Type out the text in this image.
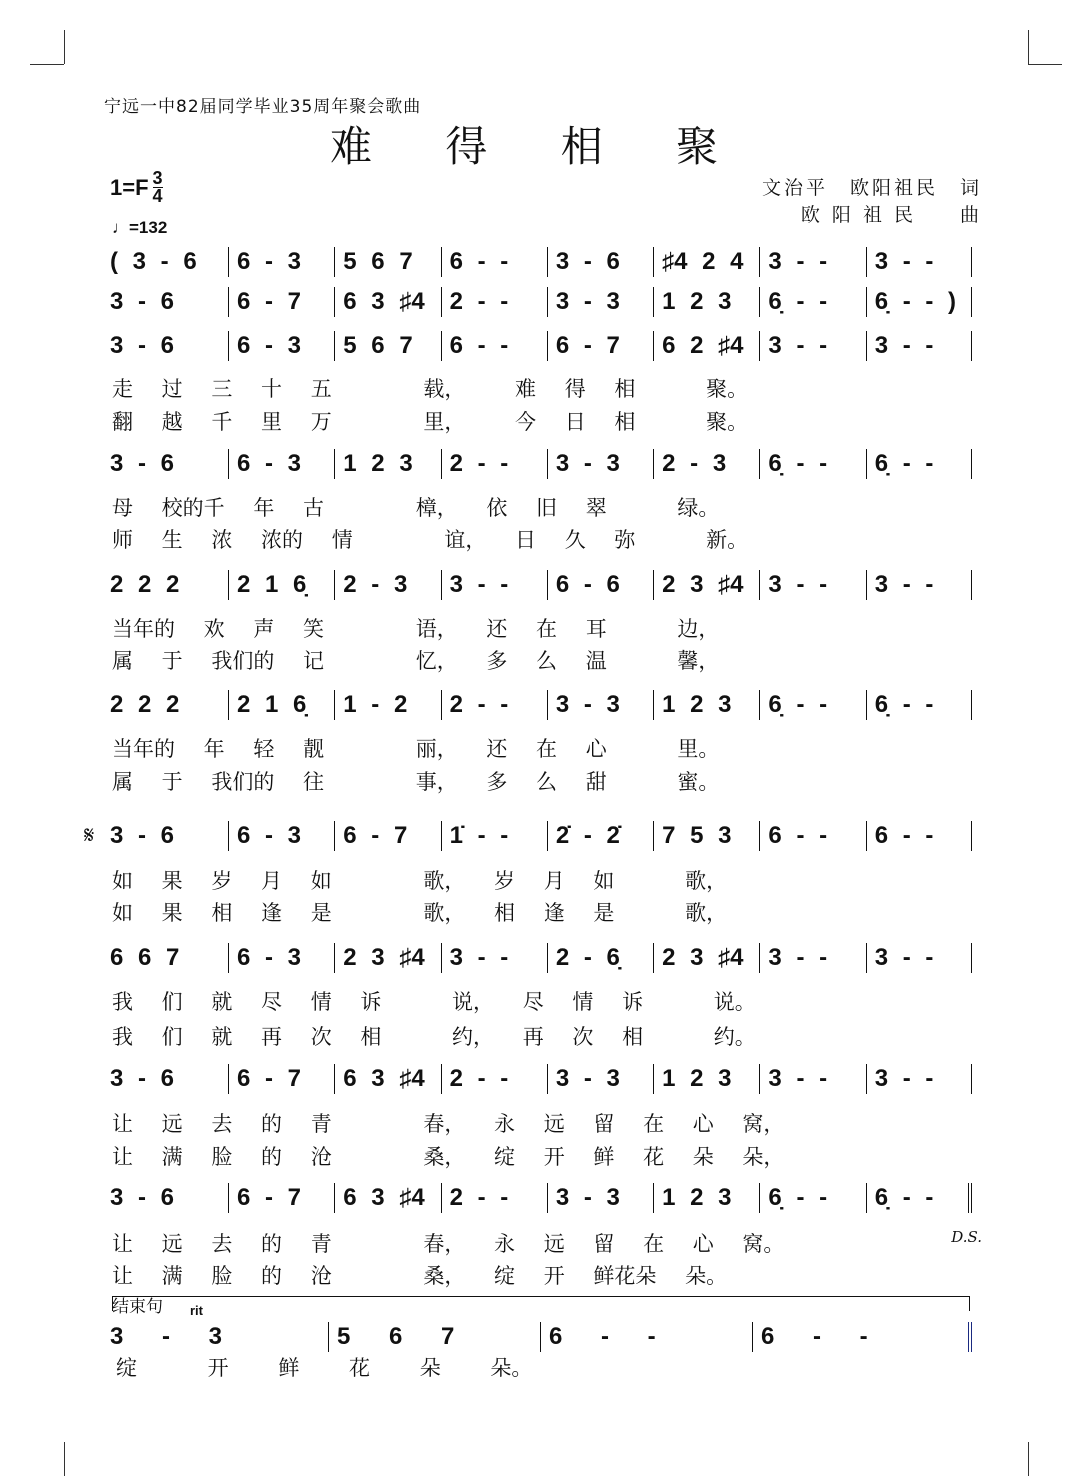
宁远一中82届同学毕业35周年聚会歌曲
难 得 相 聚
$1=F \frac{3}{4}$
♩=132
文治平　欧阳祖民　词
欧 阳 祖 民　　曲
( 3 - 6	6 - 3	5 6 7	6 - -	3 - 6	♯4 2 4	3 - -	3 - -
3 - 6	6 - 7	6 3 ♯4	2 - -	3 - 3	1 2 3	6̣ - -	6̣ - - )
3 - 6	6 - 3	5 6 7	6 - -	6 - 7	6 2 ♯4	3 - -	3 - -
走 过 三 十 五 　　　载， 　难 得 相 　　聚。
翻 越 千 里 万 　　　里， 　今 日 相 　　聚。
3 - 6	6 - 3	1 2 3	2 - -	3 - 3	2 - 3	6̣ - -	6̣ - -
母 校的千 年 古 　　　樟， 依 旧 翠 　　绿。
师 生 浓 浓的 情 　　　谊， 日 久 弥 　　新。
2 2 2	2 1 6̣	2 - 3	3 - -	6 - 6	2 3 ♯4	3 - -	3 - -
当年的 欢 声 笑 　　　语， 还 在 耳 　　边，
属 于 我们的 记 　　　忆， 多 么 温 　　馨，
2 2 2	2 1 6̣	1 - 2	2 - -	3 - 3	1 2 3	6̣ - -	6̣ - -
当年的 年 轻 靓 　　　丽， 还 在 心 　　里。
属 于 我们的 往 　　　事， 多 么 甜 　　蜜。
3 - 6	6 - 3	6 - 7	1̇ - -	2̇ - 2̇	7 5 3	6 - -	6 - -
如 果 岁 月 如 　　　歌， 岁 月 如 　　歌，
如 果 相 逢 是 　　　歌， 相 逢 是 　　歌，
6 6 7	6 - 3	2 3 ♯4	3 - -	2 - 6̣	2 3 ♯4	3 - -	3 - -
我 们 就 尽 情 诉 　　说， 尽 情 诉 　　说。
我 们 就 再 次 相 　　约， 再 次 相 　　约。
3 - 6	6 - 7	6 3 ♯4	2 - -	3 - 3	1 2 3	3 - -	3 - -
让 远 去 的 青 　　　春， 永 远 留 在 心 窝，
让 满 脸 的 沧 　　　桑， 绽 开 鲜 花 朵 朵，
3 - 6	6 - 7	6 3 ♯4	2 - -	3 - 3	1 2 3	6̣ - -	6̣ - -
让 远 去 的 青 　　　春， 永 远 留 在 心 窝。
让 满 脸 的 沧 　　　桑， 绽 开 鲜花朵 朵。
𝄋
D.S.
结束句 rit
3 　-　 3	5 　6　 7	6 　-　 -	6 　-　 -
绽 　　开 　鲜 　花 　朵 　朵。
